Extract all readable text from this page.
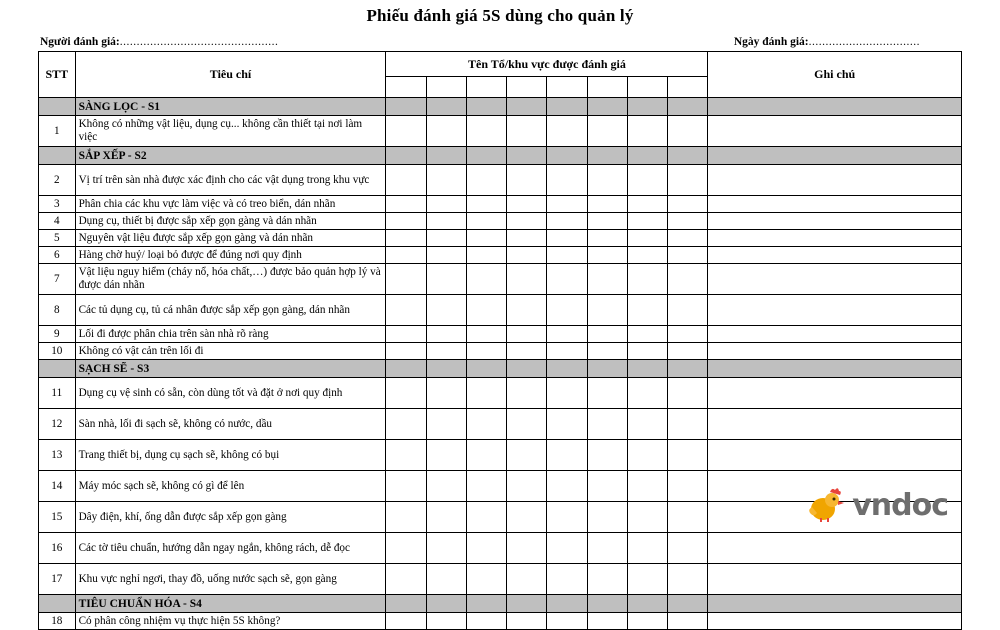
Phiếu đánh giá 5S dùng cho quản lý
Người đánh giá:...............................................	Ngày đánh giá:.................................
STT	Tiêu chí	Tên Tổ/khu vực được đánh giá								Ghi chú

	SÀNG LỌC - S1									
1	Không có những vật liệu, dụng cụ... không cần thiết tại nơi làm việc									
	SẮP XẾP - S2									
2	Vị trí trên sàn nhà được xác định cho các vật dụng trong khu vực									
3	Phân chia các khu vực làm việc và có treo biển, dán nhãn									
4	Dụng cụ, thiết bị được sắp xếp gọn gàng và dán nhãn									
5	Nguyên vật liệu được sắp xếp gọn gàng và dán nhãn									
6	Hàng chờ huỷ/ loại bỏ được để đúng nơi quy định									
7	Vật liệu nguy hiểm (cháy nổ, hóa chất,…) được bảo quản hợp lý và được dán nhãn									
8	Các tủ dụng cụ, tủ cá nhân được sắp xếp gọn gàng, dán nhãn									
9	Lối đi được phân chia trên sàn nhà rõ ràng									
10	Không có vật cản trên lối đi									
	SẠCH SẼ - S3									
11	Dụng cụ vệ sinh có sẵn, còn dùng tốt và đặt ở nơi quy định									
12	Sàn nhà, lối đi sạch sẽ, không có nước, dầu									
13	Trang thiết bị, dụng cụ sạch sẽ, không có bụi									
14	Máy móc sạch sẽ, không có gì để lên									
15	Dây điện, khí, ống dẫn được sắp xếp gọn gàng									
16	Các tờ tiêu chuẩn, hướng dẫn ngay ngắn, không rách, dễ đọc									
17	Khu vực nghỉ ngơi, thay đồ, uống nước sạch sẽ, gọn gàng									
	TIÊU CHUẨN HÓA - S4									
18	Có phân công nhiệm vụ thực hiện 5S không?									
vndoc
